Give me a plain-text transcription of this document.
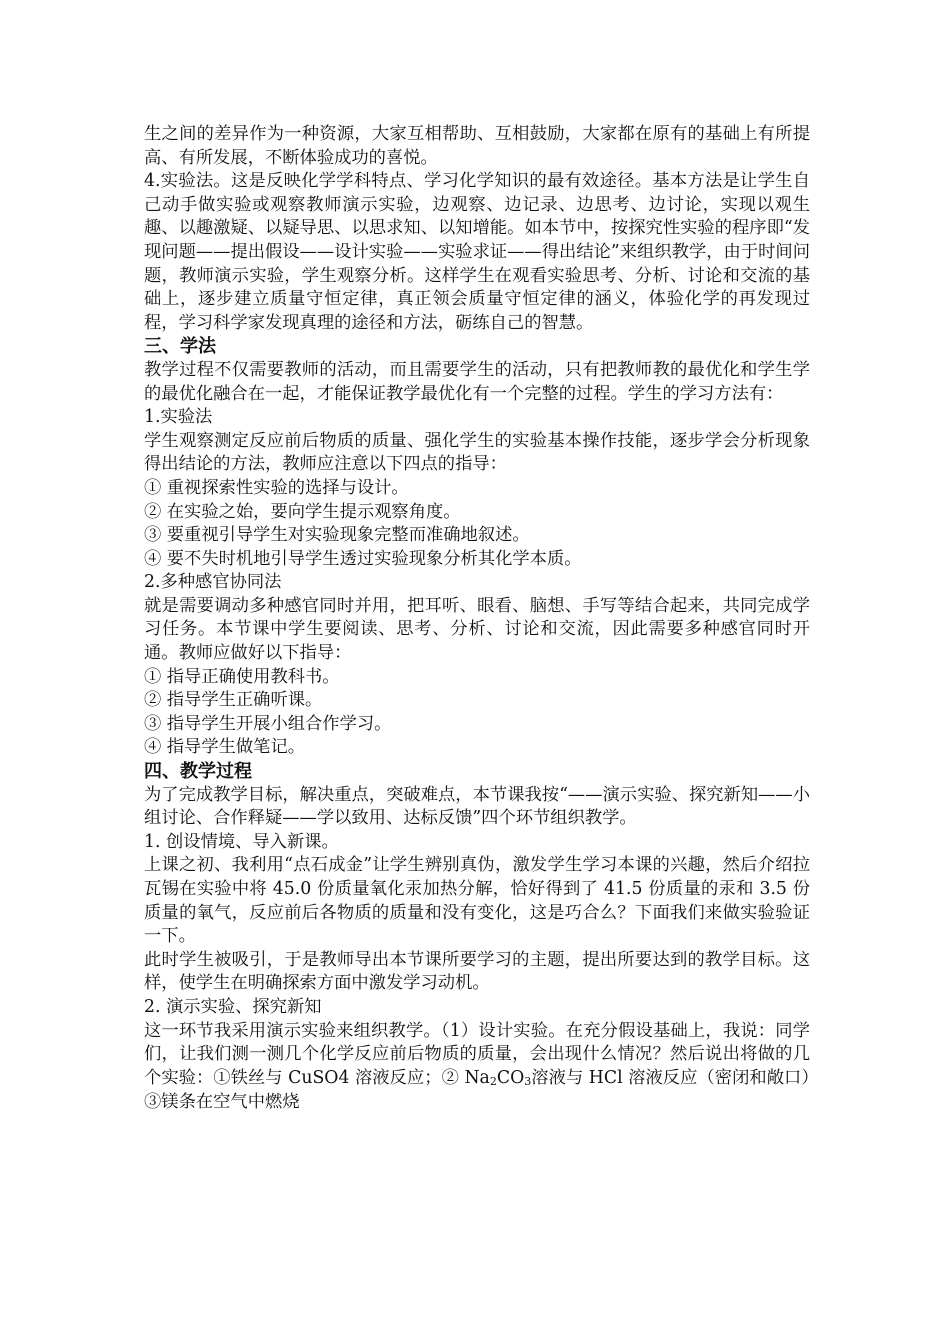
生之间的差异作为一种资源，大家互相帮助、互相鼓励，大家都在原有的基础上有所提高、有所发展，不断体验成功的喜悦。

4.实验法。这是反映化学学科特点、学习化学知识的最有效途径。基本方法是让学生自己动手做实验或观察教师演示实验，边观察、边记录、边思考、边讨论，实现以观生趣、以趣激疑、以疑导思、以思求知、以知增能。如本节中，按探究性实验的程序即“发现问题——提出假设——设计实验——实验求证——得出结论”来组织教学，由于时间问题，教师演示实验，学生观察分析。这样学生在观看实验思考、分析、讨论和交流的基础上，逐步建立质量守恒定律，真正领会质量守恒定律的涵义，体验化学的再发现过程，学习科学家发现真理的途径和方法，砺练自己的智慧。

三、学法

教学过程不仅需要教师的活动，而且需要学生的活动，只有把教师教的最优化和学生学的最优化融合在一起，才能保证教学最优化有一个完整的过程。学生的学习方法有：

1.实验法

学生观察测定反应前后物质的质量、强化学生的实验基本操作技能，逐步学会分析现象得出结论的方法，教师应注意以下四点的指导：

① 重视探索性实验的选择与设计。

② 在实验之始，要向学生提示观察角度。

③ 要重视引导学生对实验现象完整而准确地叙述。

④ 要不失时机地引导学生透过实验现象分析其化学本质。

2.多种感官协同法

就是需要调动多种感官同时并用，把耳听、眼看、脑想、手写等结合起来，共同完成学习任务。本节课中学生要阅读、思考、分析、讨论和交流，因此需要多种感官同时开通。教师应做好以下指导：

① 指导正确使用教科书。

② 指导学生正确听课。

③ 指导学生开展小组合作学习。

④ 指导学生做笔记。

四、教学过程

为了完成教学目标，解决重点，突破难点，本节课我按“——演示实验、探究新知——小组讨论、合作释疑——学以致用、达标反馈”四个环节组织教学。

1. 创设情境、导入新课。

上课之初、我利用“点石成金”让学生辨别真伪，激发学生学习本课的兴趣，然后介绍拉瓦锡在实验中将 45.0 份质量氧化汞加热分解，恰好得到了 41.5 份质量的汞和 3.5 份质量的氧气，反应前后各物质的质量和没有变化，这是巧合么？下面我们来做实验验证一下。

此时学生被吸引，于是教师导出本节课所要学习的主题，提出所要达到的教学目标。这样，使学生在明确探索方面中激发学习动机。

2. 演示实验、探究新知

这一环节我采用演示实验来组织教学。（1）设计实验。在充分假设基础上，我说：同学们，让我们测一测几个化学反应前后物质的质量，会出现什么情况？然后说出将做的几个实验：①铁丝与 CuSO4 溶液反应；② $Na_2CO_3$溶液与 HCl 溶液反应（密闭和敞口）③镁条在空气中燃烧
